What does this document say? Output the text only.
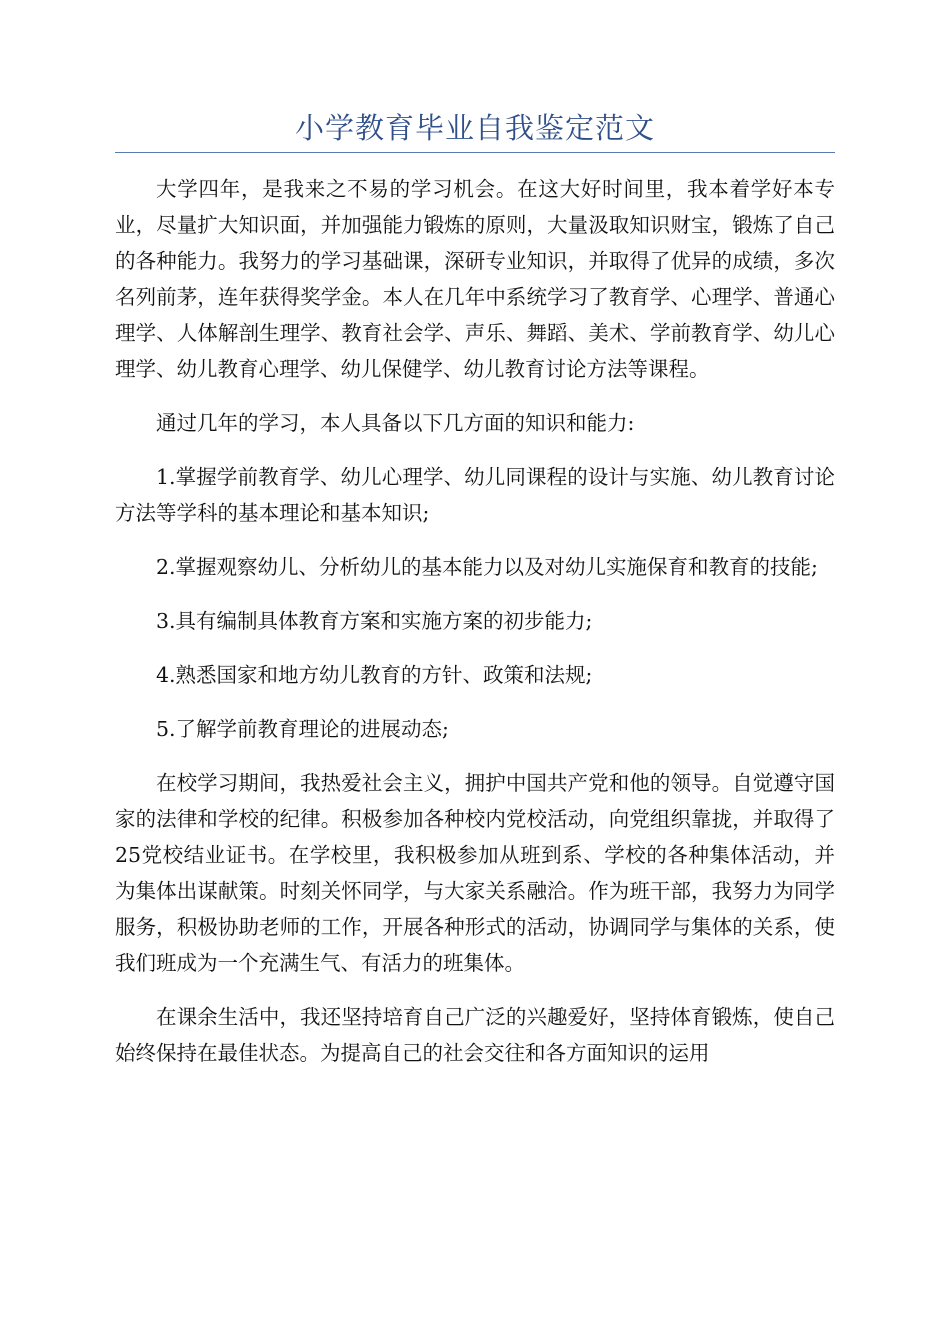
小学教育毕业自我鉴定范文

大学四年，是我来之不易的学习机会。在这大好时间里，我本着学好本专业，尽量扩大知识面，并加强能力锻炼的原则，大量汲取知识财宝，锻炼了自己的各种能力。我努力的学习基础课，深研专业知识，并取得了优异的成绩，多次名列前茅，连年获得奖学金。本人在几年中系统学习了教育学、心理学、普通心理学、人体解剖生理学、教育社会学、声乐、舞蹈、美术、学前教育学、幼儿心理学、幼儿教育心理学、幼儿保健学、幼儿教育讨论方法等课程。

通过几年的学习，本人具备以下几方面的知识和能力:

1.掌握学前教育学、幼儿心理学、幼儿同课程的设计与实施、幼儿教育讨论方法等学科的基本理论和基本知识;

2.掌握观察幼儿、分析幼儿的基本能力以及对幼儿实施保育和教育的技能;

3.具有编制具体教育方案和实施方案的初步能力;

4.熟悉国家和地方幼儿教育的方针、政策和法规;

5.了解学前教育理论的进展动态;

在校学习期间，我热爱社会主义，拥护中国共产党和他的领导。自觉遵守国家的法律和学校的纪律。积极参加各种校内党校活动，向党组织靠拢，并取得了25党校结业证书。在学校里，我积极参加从班到系、学校的各种集体活动，并为集体出谋献策。时刻关怀同学，与大家关系融洽。作为班干部，我努力为同学服务，积极协助老师的工作，开展各种形式的活动，协调同学与集体的关系，使我们班成为一个充满生气、有活力的班集体。

在课余生活中，我还坚持培育自己广泛的兴趣爱好，坚持体育锻炼，使自己始终保持在最佳状态。为提高自己的社会交往和各方面知识的运用
